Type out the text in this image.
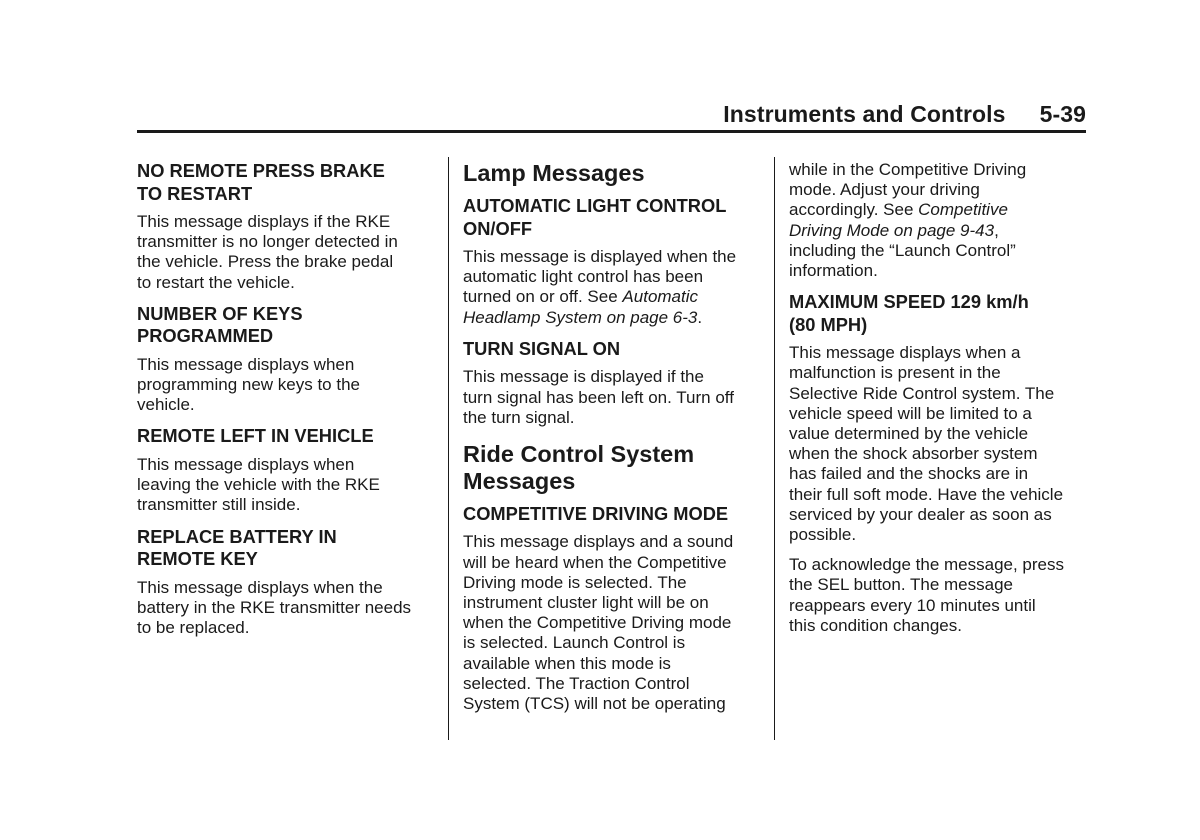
Instruments and Controls 5-39
NO REMOTE PRESS BRAKE
TO RESTART

This message displays if the RKE
transmitter is no longer detected in
the vehicle. Press the brake pedal
to restart the vehicle.

NUMBER OF KEYS
PROGRAMMED

This message displays when
programming new keys to the
vehicle.

REMOTE LEFT IN VEHICLE

This message displays when
leaving the vehicle with the RKE
transmitter still inside.

REPLACE BATTERY IN
REMOTE KEY

This message displays when the
battery in the RKE transmitter needs
to be replaced.

Lamp Messages
AUTOMATIC LIGHT CONTROL
ON/OFF

This message is displayed when the
automatic light control has been
turned on or off. See Automatic
Headlamp System on page 6-3.

TURN SIGNAL ON

This message is displayed if the
turn signal has been left on. Turn off
the turn signal.

Ride Control System
Messages
COMPETITIVE DRIVING MODE

This message displays and a sound
will be heard when the Competitive
Driving mode is selected. The
instrument cluster light will be on
when the Competitive Driving mode
is selected. Launch Control is
available when this mode is
selected. The Traction Control
System (TCS) will not be operating

while in the Competitive Driving
mode. Adjust your driving
accordingly. See Competitive
Driving Mode on page 9-43,
including the “Launch Control”
information.

MAXIMUM SPEED 129 km/h
(80 MPH)

This message displays when a
malfunction is present in the
Selective Ride Control system. The
vehicle speed will be limited to a
value determined by the vehicle
when the shock absorber system
has failed and the shocks are in
their full soft mode. Have the vehicle
serviced by your dealer as soon as
possible.

To acknowledge the message, press
the SEL button. The message
reappears every 10 minutes until
this condition changes.
